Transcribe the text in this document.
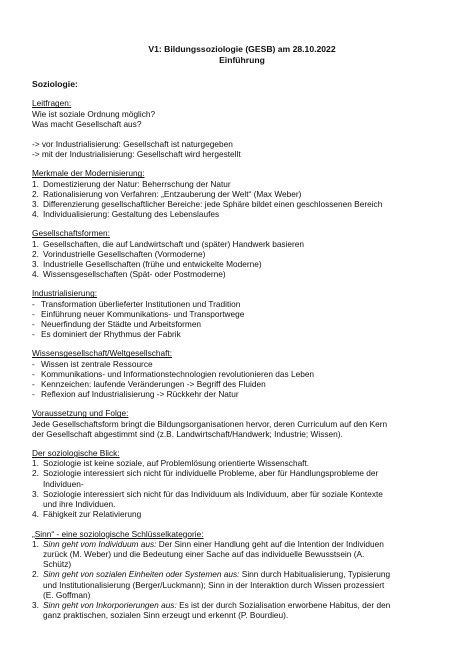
V1: Bildungssoziologie (GESB) am 28.10.2022
Einführung
Soziologie:
Leitfragen:
Wie ist soziale Ordnung möglich?
Was macht Gesellschaft aus?
-> vor Industrialisierung: Gesellschaft ist naturgegeben
-> mit der Industrialisierung: Gesellschaft wird hergestellt
Merkmale der Modernisierung:
1. Domestizierung der Natur: Beherrschung der Natur
2. Rationalisierung von Verfahren: „Entzauberung der Welt“ (Max Weber)
3. Differenzierung gesellschaftlicher Bereiche: jede Sphäre bildet einen geschlossenen Bereich
4. Individualisierung: Gestaltung des Lebenslaufes
Gesellschaftsformen:
1. Gesellschaften, die auf Landwirtschaft und (später) Handwerk basieren
2. Vorindustrielle Gesellschaften (Vormoderne)
3. Industrielle Gesellschaften (frühe und entwickelte Moderne)
4. Wissensgesellschaften (Spät- oder Postmoderne)
Industrialisierung:
- Transformation überlieferter Institutionen und Tradition
- Einführung neuer Kommunikations- und Transportwege
- Neuerfindung der Städte und Arbeitsformen
- Es dominiert der Rhythmus der Fabrik
Wissensgesellschaft/Weltgesellschaft:
- Wissen ist zentrale Ressource
- Kommunikations- und Informationstechnologien revolutionieren das Leben
- Kennzeichen: laufende Veränderungen -> Begriff des Fluiden
- Reflexion auf Industrialisierung -> Rückkehr der Natur
Voraussetzung und Folge:
Jede Gesellschaftsform bringt die Bildungsorganisationen hervor, deren Curriculum auf den Kern
der Gesellschaft abgestimmt sind (z.B. Landwirtschaft/Handwerk; Industrie; Wissen).
Der soziologische Blick:
1. Soziologie ist keine soziale, auf Problemlösung orientierte Wissenschaft.
2. Soziologie interessiert sich nicht für individuelle Probleme, aber für Handlungsprobleme der
Individuen-
3. Soziologie interessiert sich nicht für das Individuum als Individuum, aber für soziale Kontexte
und ihre Individuen.
4. Fähigkeit zur Relativierung
„Sinn“ - eine soziologische Schlüsselkategorie:
1. Sinn geht vom Individuum aus: Der Sinn einer Handlung geht auf die Intention der Individuen
zurück (M. Weber) und die Bedeutung einer Sache auf das individuelle Bewusstsein (A.
Schütz)
2. Sinn geht von sozialen Einheiten oder Systemen aus: Sinn durch Habitualisierung, Typisierung
und Institutionalisierung (Berger/Luckmann); Sinn in der Interaktion durch Wissen prozessiert
(E. Goffman)
3. Sinn geht von Inkorporierungen aus: Es ist der durch Sozialisation erworbene Habitus, der den
ganz praktischen, sozialen Sinn erzeugt und erkennt (P. Bourdieu).
